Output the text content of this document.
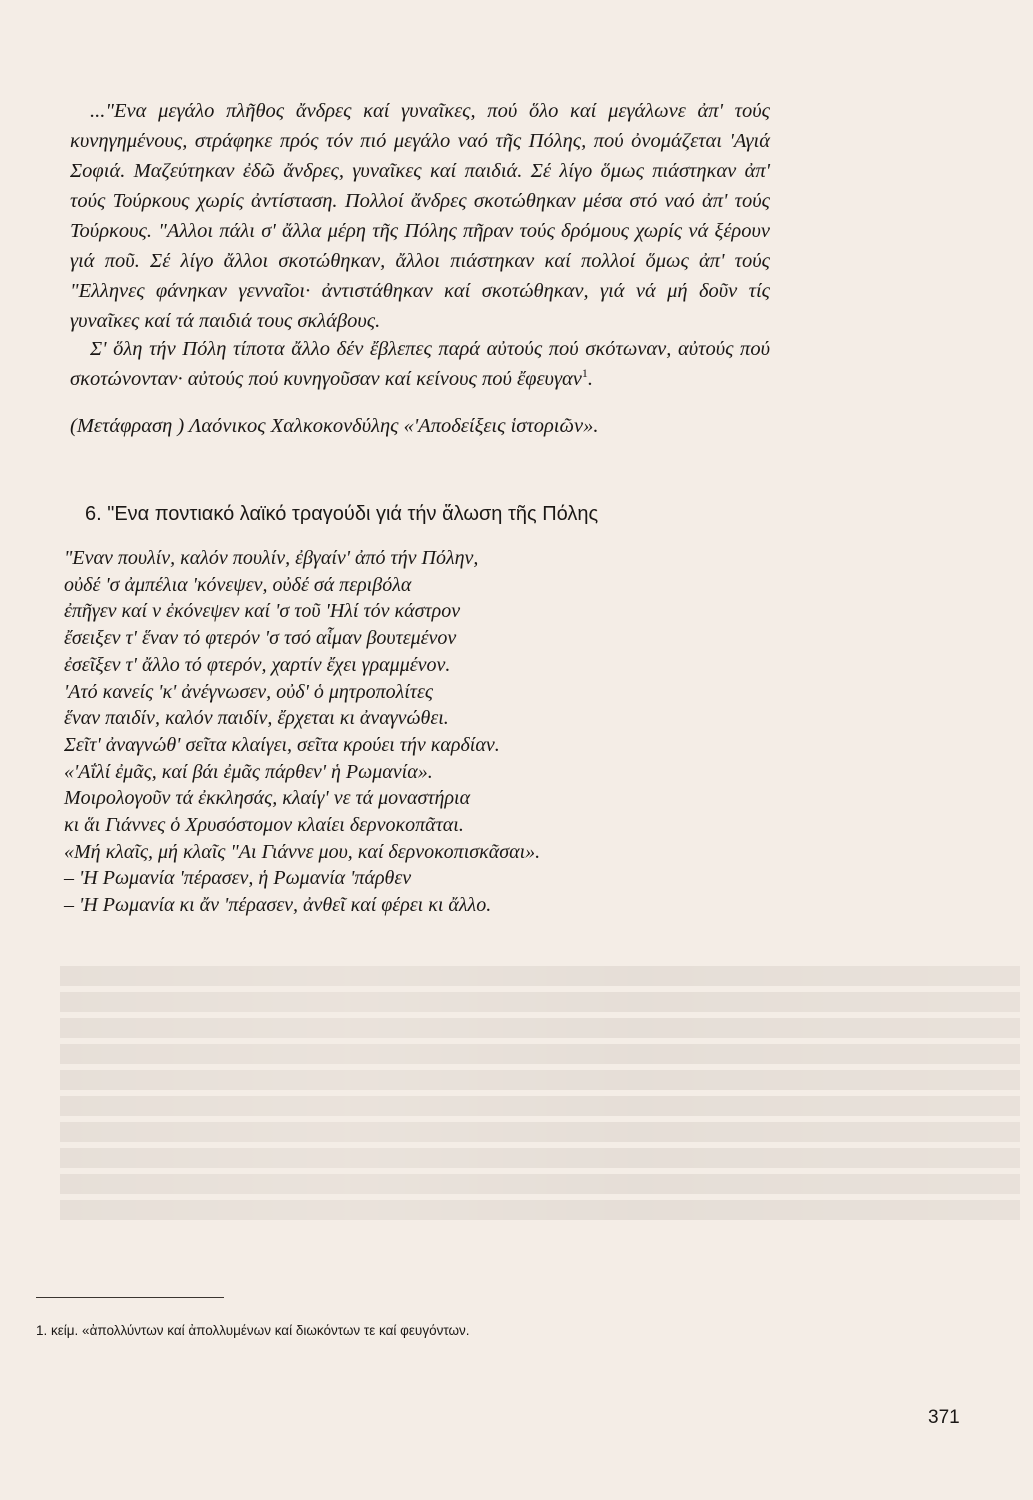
..."Ενα μεγάλο πλῆθος ἄνδρες καί γυναῖκες, πού ὅλο καί μεγάλωνε ἀπ' τούς κυνηγημένους, στράφηκε πρός τόν πιό μεγάλο ναό τῆς Πόλης, πού ὀνομάζεται 'Αγιά Σοφιά. Μαζεύτηκαν ἐδῶ ἄνδρες, γυναῖκες καί παιδιά. Σέ λίγο ὅμως πιάστηκαν ἀπ' τούς Τούρκους χωρίς ἀντίσταση. Πολλοί ἄνδρες σκοτώθηκαν μέσα στό ναό ἀπ' τούς Τούρκους. "Αλλοι πάλι σ' ἄλλα μέρη τῆς Πόλης πῆραν τούς δρόμους χωρίς νά ξέρουν γιά ποῦ. Σέ λίγο ἄλλοι σκοτώθηκαν, ἄλλοι πιάστηκαν καί πολλοί ὅμως ἀπ' τούς "Ελληνες φάνηκαν γενναῖοι· ἀντιστάθηκαν καί σκοτώθηκαν, γιά νά μή δοῦν τίς γυναῖκες καί τά παιδιά τους σκλάβους.

Σ' ὅλη τήν Πόλη τίποτα ἄλλο δέν ἔβλεπες παρά αὐτούς πού σκότωναν, αὐτούς πού σκοτώνονταν· αὐτούς πού κυνηγοῦσαν καί κείνους πού ἔφευγαν$^1$.

(Μετάφραση ) Λαόνικος Χαλκοκονδύλης «'Αποδείξεις ἱστοριῶν».

6. "Ενα ποντιακό λαϊκό τραγούδι γιά τήν ἅλωση τῆς Πόλης
"Εναν πουλίν, καλόν πουλίν, ἐβγαίν' ἀπό τήν Πόλην,
οὐδέ 'σ ἀμπέλια 'κόνεψεν, οὐδέ σά περιβόλα
ἐπῆγεν καί ν ἐκόνεψεν καί 'σ τοῦ 'Ηλί τόν κάστρον
ἔσειξεν τ' ἕναν τό φτερόν 'σ τσό αἷμαν βουτεμένον
ἐσεῖξεν τ' ἄλλο τό φτερόν, χαρτίν ἔχει γραμμένον.
'Ατό κανείς 'κ' ἀνέγνωσεν, οὐδ' ὁ μητροπολίτες
ἕναν παιδίν, καλόν παιδίν, ἔρχεται κι ἀναγνώθει.
Σεῖτ' ἀναγνώθ' σεῖτα κλαίγει, σεῖτα κρούει τήν καρδίαν.
«'Αΐλί ἐμᾶς, καί βάι ἐμᾶς πάρθεν' ἡ Ρωμανία».
Μοιρολογοῦν τά ἐκκλησάς, κλαίγ' νε τά μοναστήρια
κι ἅι Γιάννες ὁ Χρυσόστομον κλαίει δερνοκοπᾶται.
«Μή κλαῖς, μή κλαῖς "Αι Γιάννε μου, καί δερνοκοπισκᾶσαι».
– 'Η Ρωμανία 'πέρασεν, ἡ Ρωμανία 'πάρθεν
– 'Η Ρωμανία κι ἄν 'πέρασεν, ἀνθεῖ καί φέρει κι ἄλλο.
1. κείμ. «ἀπολλύντων καί ἀπολλυμένων καί διωκόντων τε καί φευγόντων.
371
